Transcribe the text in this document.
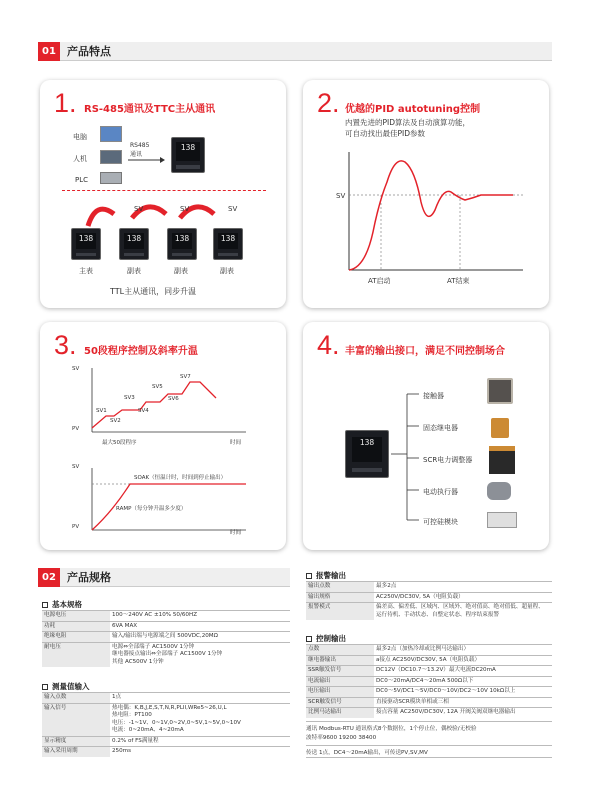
01	产品特点
1. RS-485通讯及TTC主从通讯
电脑
人机
PLC
RS485
通讯
138
SV	SV	SV
138	138	138	138
主表	副表	副表	副表
TTL主从通讯，同步升温
2. 优越的PID autotuning控制
内置先进的PID算法及自动演算功能，
可自动找出最佳PID参数
SV
AT启动	AT结束
3. 50段程序控制及斜率升温
SV
PV
SV1
SV2
SV3
SV4
SV5
SV6
SV7
最大50段程序	时间
SV
PV
SOAK（恒温计时，时间到停止输出）
RAMP（每分钟升温多少度）
时间
4. 丰富的输出接口，满足不同控制场合
138
接触器
固态继电器
SCR电力调整器
电动执行器
可控硅模块
02	产品规格
基本规格
电源电压	100～240V AC ±10% 50/60HZ
功耗	6VA MAX
绝缘电阻	输入/输出端与电源端之间 500VDC,20MΩ
耐电压	电源⇔全部端子 AC1500V 1分钟
继电器接点输出⇔全部端子 AC1500V 1分钟
其他 AC500V 1分钟
测量值输入
输入点数	1点
输入信号	热电偶：K,B,J,E,S,T,N,R,PLII,WRe5~26,U,L
热电阻：PT100
电压：-1~1V、0~1V,0~2V,0~5V,1~5V,0~10V
电流：0~20mA、4~20mA
显示精度	0.2% of FS满量程
输入采用周期	250ms
报警输出
输出点数	最多2点
输出规格	AC250V/DC30V, 5A（电阻负载）
报警模式	偏差高、偏差低、区域内、区域外、绝对值高、绝对值低、超量程、
运行待机、手动状态、自整定状态、程序结束报警
控制输出
点数	最多2点（加热冷却或比例马达输出）
继电器输出	a接点 AC250V/DC30V, 5A（电阻负载）
SSR触发信号	DC12V（DC10.7～13.2V）最大电流DC20mA
电流输出	DC0～20mA/DC4～20mA 500Ω以下
电压输出	DC0～5V/DC1～5V/DC0～10V/DC2～10V 10kΩ以上
SCR触发信号	直接驱动SCR模块单相或三相
比例马达输出	接点容量 AC250V/DC30V, 12A 开阀关阀双继电器输出
通讯 Modbus-RTU 通讯格式8个数据位，1个停止位，偶校验/无校验
波特率9600 19200 38400
传送 1点，DC4～20mA输出，可传送PV,SV,MV
